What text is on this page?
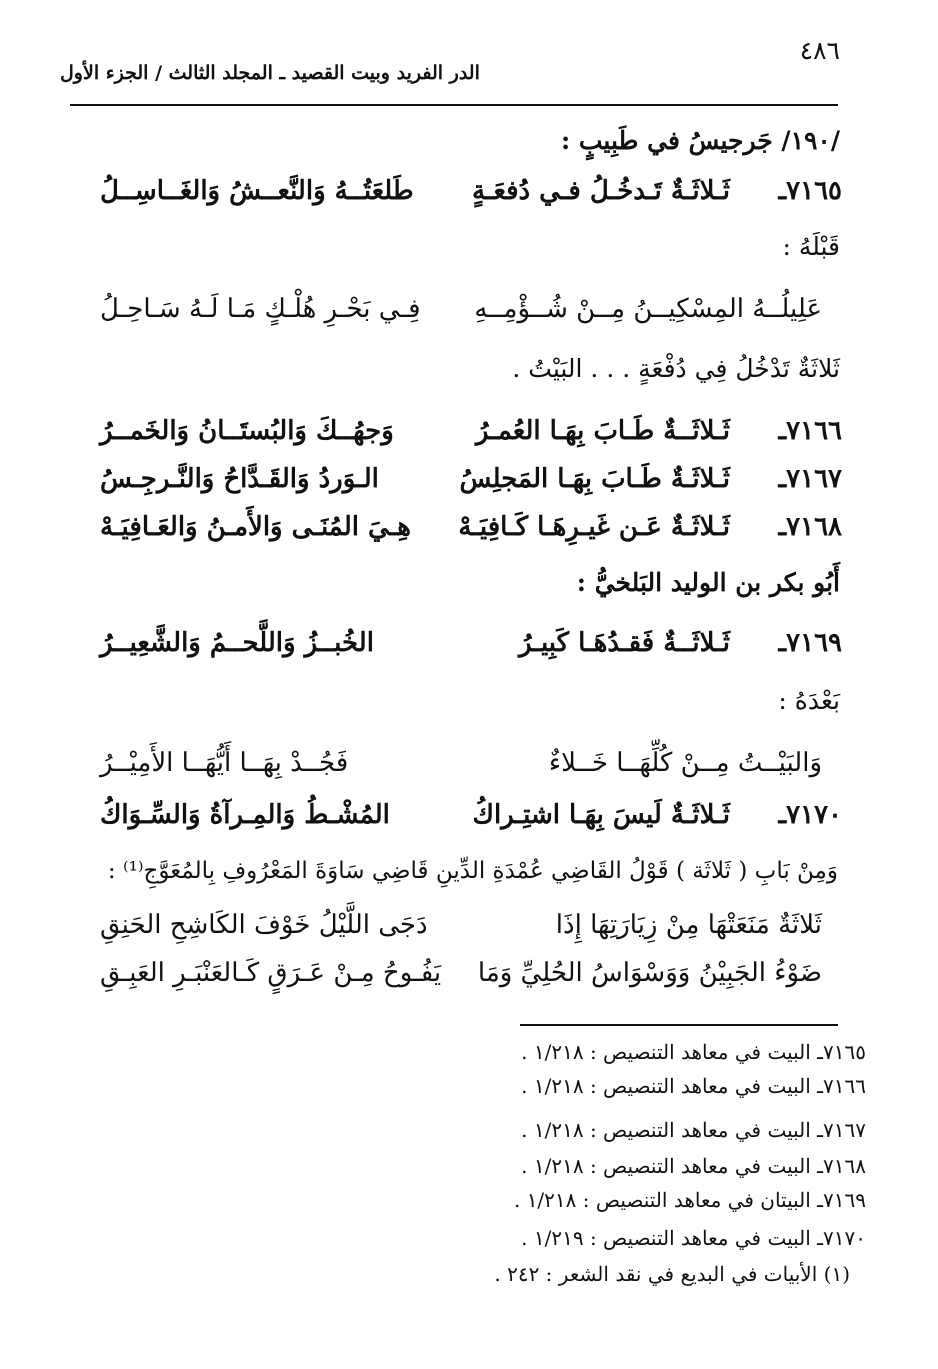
الدر الفريد وبيت القصيد ـ المجلد الثالث / الجزء الأول
٤٨٦
/١٩٠/ جَرجيسُ في طَبِيبٍ :
٧١٦٥ـ
ثَـلاثَـةٌ تَـدخُـلُ فـي دُفعَـةٍ
طَلعَتُــهُ وَالنَّعــشُ وَالغَــاسِــلُ
قَبْلَهُ :
عَلِيلُــهُ المِسْكِيــنُ مِــنْ شُــؤْمِــهِ
فِـي بَحْـرِ هُلْـكٍ مَـا لَـهُ سَـاحِـلُ
ثَلاثَةٌ تَدْخُلُ فِي دُفْعَةٍ . . . البَيْتُ .
٧١٦٦ـ
ثَـلاثَــةٌ طَـابَ بِهَـا العُمـرُ
وَجهُــكَ وَالبُستَــانُ وَالخَمــرُ
٧١٦٧ـ
ثَـلاثَـةٌ طَـابَ بِهَـا المَجلِسُ
الـوَردُ وَالقَـدَّاحُ وَالنَّـرجِـسُ
٧١٦٨ـ
ثَـلاثَـةٌ عَـن غَيـرِهَـا كَـافِيَـهْ
هِـيَ المُنَـى وَالأَمـنُ وَالعَـافِيَـهْ
أَبُو بكر بن الوليد البَلخيُّ :
٧١٦٩ـ
ثَـلاثَــةٌ فَقـدُهَـا كَبِيـرُ
الخُبــزُ وَاللَّحــمُ وَالشَّعِيــرُ
بَعْدَهُ :
وَالبَيْــتُ مِــنْ كُلِّهَــا خَــلاءٌ
فَجُــدْ بِهَــا أَيُّهَــا الأَمِيْــرُ
٧١٧٠ـ
ثَـلاثَـةٌ لَيسَ بِهَـا اشتِـراكُ
المُشْـطُ وَالمِـرآةُ وَالسِّـوَاكُ
وَمِنْ بَابِ ( ثَلاثَة ) قَوْلُ القَاضِي عُمْدَةِ الدِّينِ قَاضِي سَاوَةَ المَعْرُوفِ بِالمُعَوَّجِ⁽¹⁾ :
ثَلاثَةٌ مَنَعَتْهَا مِنْ زِيَارَتِهَا إِذَا
دَجَى اللَّيْلُ خَوْفَ الكَاشِحِ الحَنِقِ
ضَوْءُ الجَبِيْنُ وَوَسْوَاسُ الحُلِيِّ وَمَا
يَفُـوحُ مِـنْ عَـرَقٍ كَـالعَنْبَـرِ العَبِـقِ
٧١٦٥ـ البيت في معاهد التنصيص : ١/٢١٨ .
٧١٦٦ـ البيت في معاهد التنصيص : ١/٢١٨ .
٧١٦٧ـ البيت في معاهد التنصيص : ١/٢١٨ .
٧١٦٨ـ البيت في معاهد التنصيص : ١/٢١٨ .
٧١٦٩ـ البيتان في معاهد التنصيص : ١/٢١٨ .
٧١٧٠ـ البيت في معاهد التنصيص : ١/٢١٩ .
(١) الأبيات في البديع في نقد الشعر : ٢٤٢ .
